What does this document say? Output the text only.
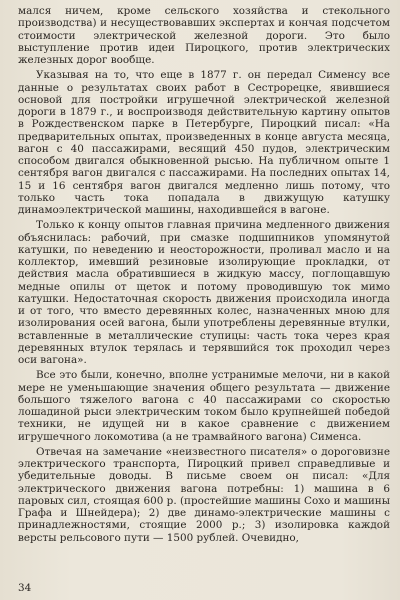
мался ничем, кроме сельского хозяйства и стекольного производства) и несуществовавших экспертах и кончая подсчетом стоимости электрической железной дороги. Это было выступление против идеи Пироцкого, против электрических железных дорог вообще.

Указывая на то, что еще в 1877 г. он передал Сименсу все данные о результатах своих работ в Сестрорецке, явившиеся основой для постройки игрушечной электрической железной дороги в 1879 г., и воспроизводя действительную картину опытов в Рождественском парке в Петербурге, Пироцкий писал: «На предварительных опытах, произведенных в конце августа месяца, вагон с 40 пассажирами, весящий 450 пудов, электрическим способом двигался обыкновенной рысью. На публичном опыте 1 сентября вагон двигался с пассажирами. На последних опытах 14, 15 и 16 сентября вагон двигался медленно лишь потому, что только часть тока попадала в движущую катушку динамоэлектрической машины, находившейся в вагоне.

Только к концу опытов главная причина медленного движения объяснилась: рабочий, при смазке подшипников упомянутой катушки, по неведению и неосторожности, проливал масло и на коллектор, имевший резиновые изолирующие прокладки, от действия масла обратившиеся в жидкую массу, поглощавшую медные опилы от щеток и потому проводившую ток мимо катушки. Недостаточная скорость движения происходила иногда и от того, что вместо деревянных колес, назначенных мною для изолирования осей вагона, были употреблены деревянные втулки, вставленные в металлические ступицы: часть тока через края деревянных втулок терялась и терявшийся ток проходил через оси вагона».

Все это были, конечно, вполне устранимые мелочи, ни в какой мере не уменьшающие значения общего результата — движение большого тяжелого вагона с 40 пассажирами со скоростью лошадиной рыси электрическим током было крупнейшей победой техники, не идущей ни в какое сравнение с движением игрушечного локомотива (а не трамвайного вагона) Сименса.

Отвечая на замечание «неизвестного писателя» о дороговизне электрического транспорта, Пироцкий привел справедливые и убедительные доводы. В письме своем он писал: «Для электрического движения вагона потребны: 1) машина в 6 паровых сил, стоящая 600 р. (простейшие машины Сохо и машины Графа и Шнейдера); 2) две динамо-электрические машины с принадлежностями, стоящие 2000 р.; 3) изолировка каждой версты рельсового пути — 1500 рублей. Очевидно,

34
